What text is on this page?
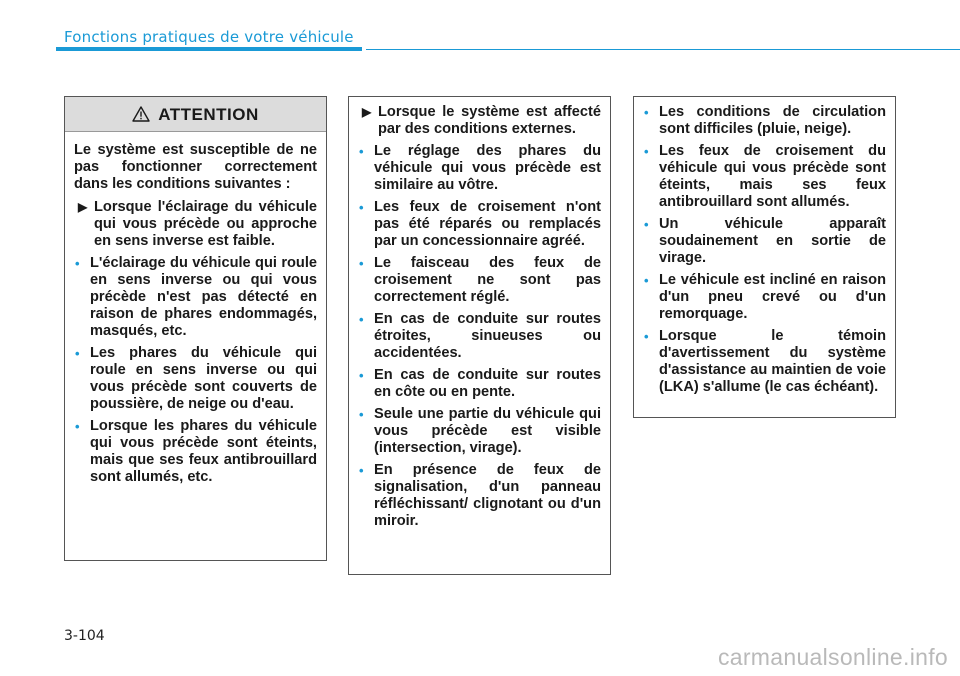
Fonctions pratiques de votre véhicule
ATTENTION

Le système est susceptible de ne pas fonctionner correctement dans les conditions suivantes :

▶ Lorsque l'éclairage du véhicule qui vous précède ou approche en sens inverse est faible.
• L'éclairage du véhicule qui roule en sens inverse ou qui vous précède n'est pas détecté en raison de phares endommagés, masqués, etc.
• Les phares du véhicule qui roule en sens inverse ou qui vous précède sont couverts de poussière, de neige ou d'eau.
• Lorsque les phares du véhicule qui vous précède sont éteints, mais que ses feux antibrouillard sont allumés, etc.
▶ Lorsque le système est affecté par des conditions externes.
• Le réglage des phares du véhicule qui vous précède est similaire au vôtre.
• Les feux de croisement n'ont pas été réparés ou remplacés par un concessionnaire agréé.
• Le faisceau des feux de croisement ne sont pas correctement réglé.
• En cas de conduite sur routes étroites, sinueuses ou accidentées.
• En cas de conduite sur routes en côte ou en pente.
• Seule une partie du véhicule qui vous précède est visible (intersection, virage).
• En présence de feux de signalisation, d'un panneau réfléchissant/ clignotant ou d'un miroir.
• Les conditions de circulation sont difficiles (pluie, neige).
• Les feux de croisement du véhicule qui vous précède sont éteints, mais ses feux antibrouillard sont allumés.
• Un véhicule apparaît soudainement en sortie de virage.
• Le véhicule est incliné en raison d'un pneu crevé ou d'un remorquage.
• Lorsque le témoin d'avertissement du système d'assistance au maintien de voie (LKA) s'allume (le cas échéant).
3-104
carmanualsonline.info
